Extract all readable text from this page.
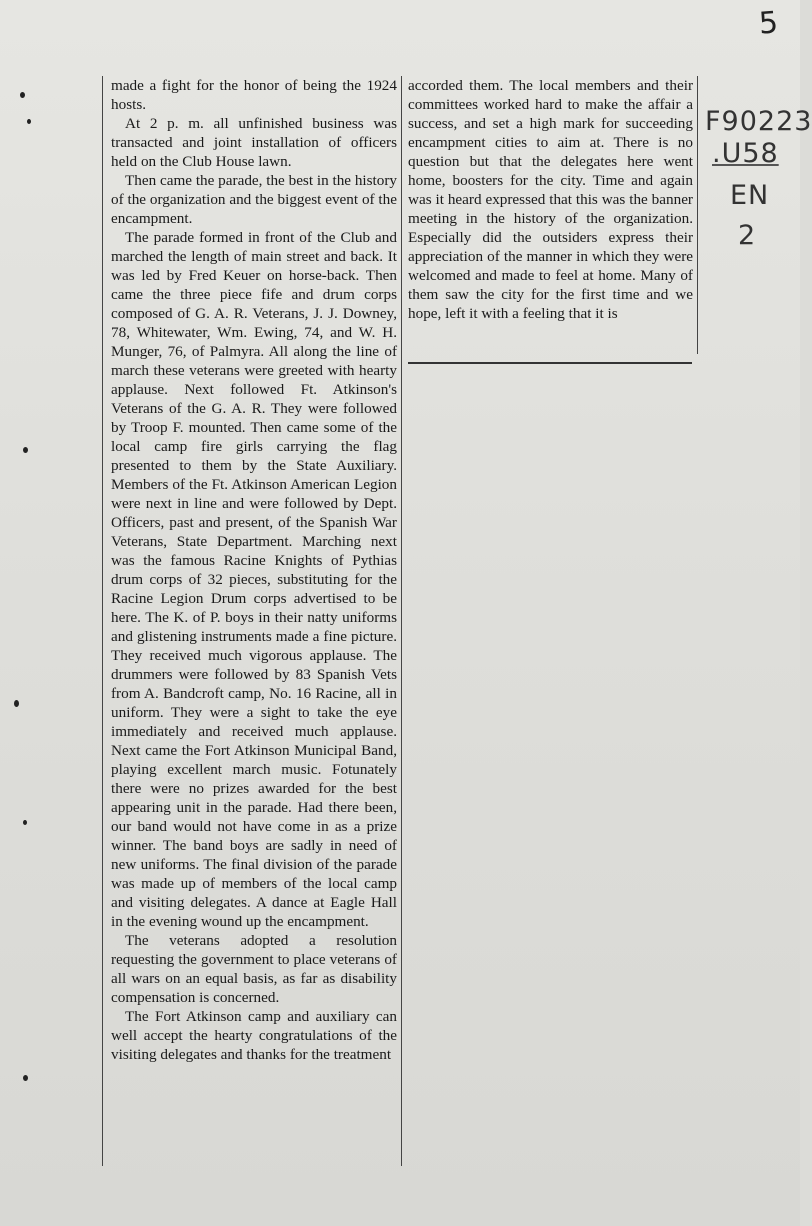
5
F90223
.U58
EN
2

made a fight for the honor of being the 1924 hosts.

At 2 p. m. all unfinished business was transacted and joint installation of officers held on the Club House lawn.

Then came the parade, the best in the history of the organization and the biggest event of the encampment.

The parade formed in front of the Club and marched the length of main street and back. It was led by Fred Keuer on horse-back. Then came the three piece fife and drum corps composed of G. A. R. Veterans, J. J. Downey, 78, Whitewater, Wm. Ewing, 74, and W. H. Munger, 76, of Palmyra. All along the line of march these veterans were greeted with hearty applause. Next followed Ft. Atkinson's Veterans of the G. A. R. They were followed by Troop F. mounted. Then came some of the local camp fire girls carrying the flag presented to them by the State Auxiliary. Members of the Ft. Atkinson American Legion were next in line and were followed by Dept. Officers, past and present, of the Spanish War Veterans, State Department. Marching next was the famous Racine Knights of Pythias drum corps of 32 pieces, substituting for the Racine Legion Drum corps advertised to be here. The K. of P. boys in their natty uniforms and glistening instruments made a fine picture. They received much vigorous applause. The drummers were followed by 83 Spanish Vets from A. Bandcroft camp, No. 16 Racine, all in uniform. They were a sight to take the eye immediately and received much applause. Next came the Fort Atkinson Municipal Band, playing excellent march music. Fotunately there were no prizes awarded for the best appearing unit in the parade. Had there been, our band would not have come in as a prize winner. The band boys are sadly in need of new uniforms. The final division of the parade was made up of members of the local camp and visiting delegates. A dance at Eagle Hall in the evening wound up the encampment.

The veterans adopted a resolution requesting the government to place veterans of all wars on an equal basis, as far as disability compensation is concerned.

The Fort Atkinson camp and auxiliary can well accept the hearty congratulations of the visiting delegates and thanks for the treatment

accorded them. The local members and their committees worked hard to make the affair a success, and set a high mark for succeeding encampment cities to aim at. There is no question but that the delegates here went home, boosters for the city. Time and again was it heard expressed that this was the banner meeting in the history of the organization. Especially did the outsiders express their appreciation of the manner in which they were welcomed and made to feel at home. Many of them saw the city for the first time and we hope, left it with a feeling that it is
